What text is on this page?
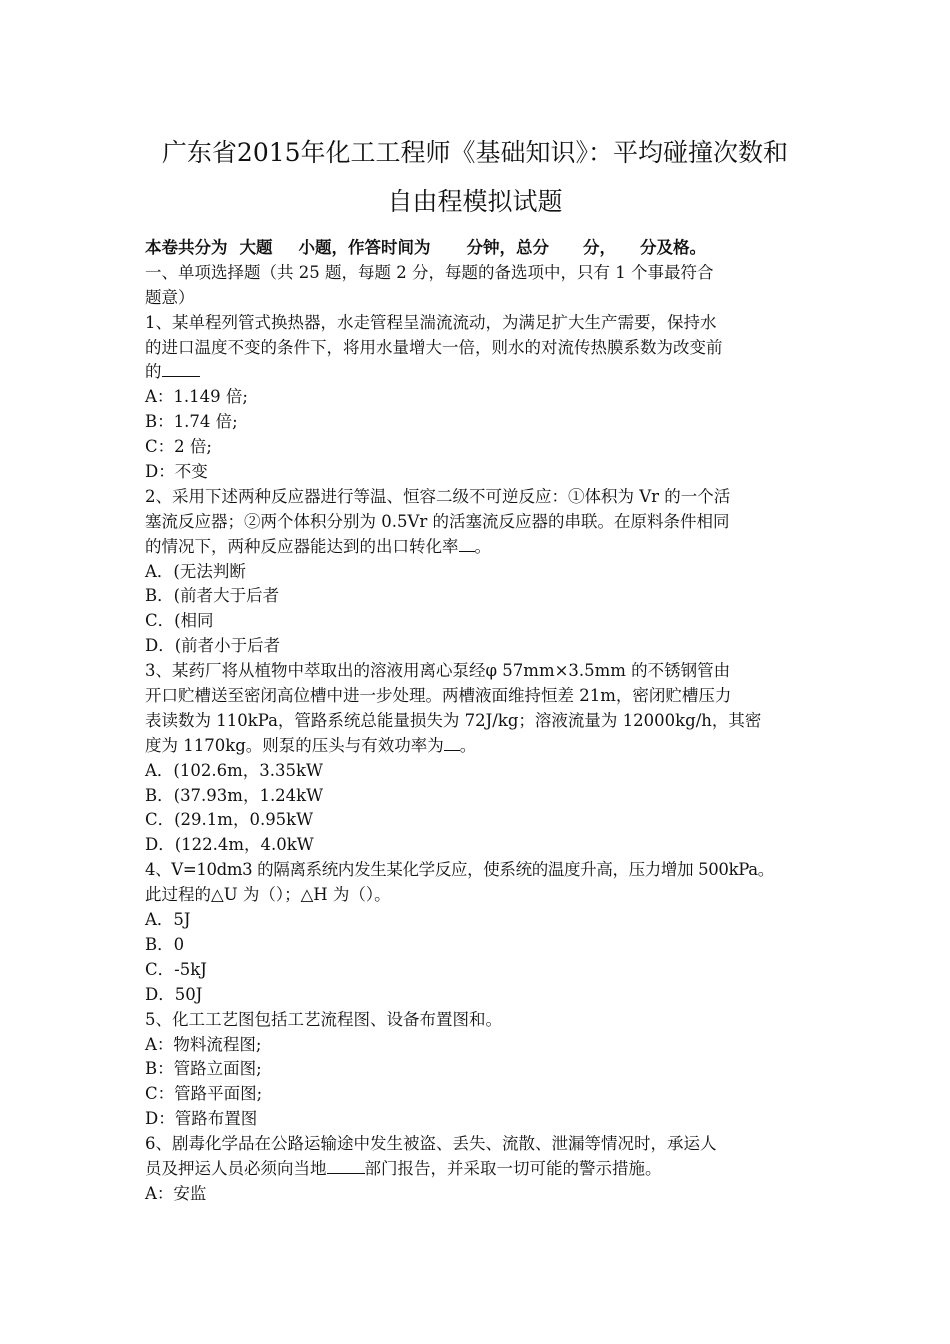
广东省2015年化工工程师《基础知识》：平均碰撞次数和
自由程模拟试题
本卷共分为 大题 小题，作答时间为 分钟，总分 分， 分及格。
一、单项选择题（共 25 题，每题 2 分，每题的备选项中，只有 1 个事最符合
题意）
1、某单程列管式换热器，水走管程呈湍流流动，为满足扩大生产需要，保持水
的进口温度不变的条件下，将用水量增大一倍，则水的对流传热膜系数为改变前
的
A：1.149 倍;
B：1.74 倍;
C：2 倍;
D：不变
2、采用下述两种反应器进行等温、恒容二级不可逆反应：①体积为 Vr 的一个活
塞流反应器；②两个体积分别为 0.5Vr 的活塞流反应器的串联。在原料条件相同
的情况下，两种反应器能达到的出口转化率 。
A．(无法判断
B．(前者大于后者
C．(相同
D．(前者小于后者
3、某药厂将从植物中萃取出的溶液用离心泵经φ 57mm×3.5mm 的不锈钢管由
开口贮槽送至密闭高位槽中进一步处理。两槽液面维持恒差 21m，密闭贮槽压力
表读数为 110kPa，管路系统总能量损失为 72J/kg；溶液流量为 12000kg/h，其密
度为 1170kg。则泵的压头与有效功率为 。
A．(102.6m，3.35kW
B．(37.93m，1.24kW
C．(29.1m，0.95kW
D．(122.4m，4.0kW
4、V=10dm3 的隔离系统内发生某化学反应，使系统的温度升高，压力增加 500kPa。
此过程的△U 为（）；△H 为（）。
A．5J
B．0
C．-5kJ
D．50J
5、化工工艺图包括工艺流程图、设备布置图和。
A：物料流程图;
B：管路立面图;
C：管路平面图;
D：管路布置图
6、剧毒化学品在公路运输途中发生被盗、丢失、流散、泄漏等情况时，承运人
员及押运人员必须向当地 部门报告，并采取一切可能的警示措施。
A：安监
